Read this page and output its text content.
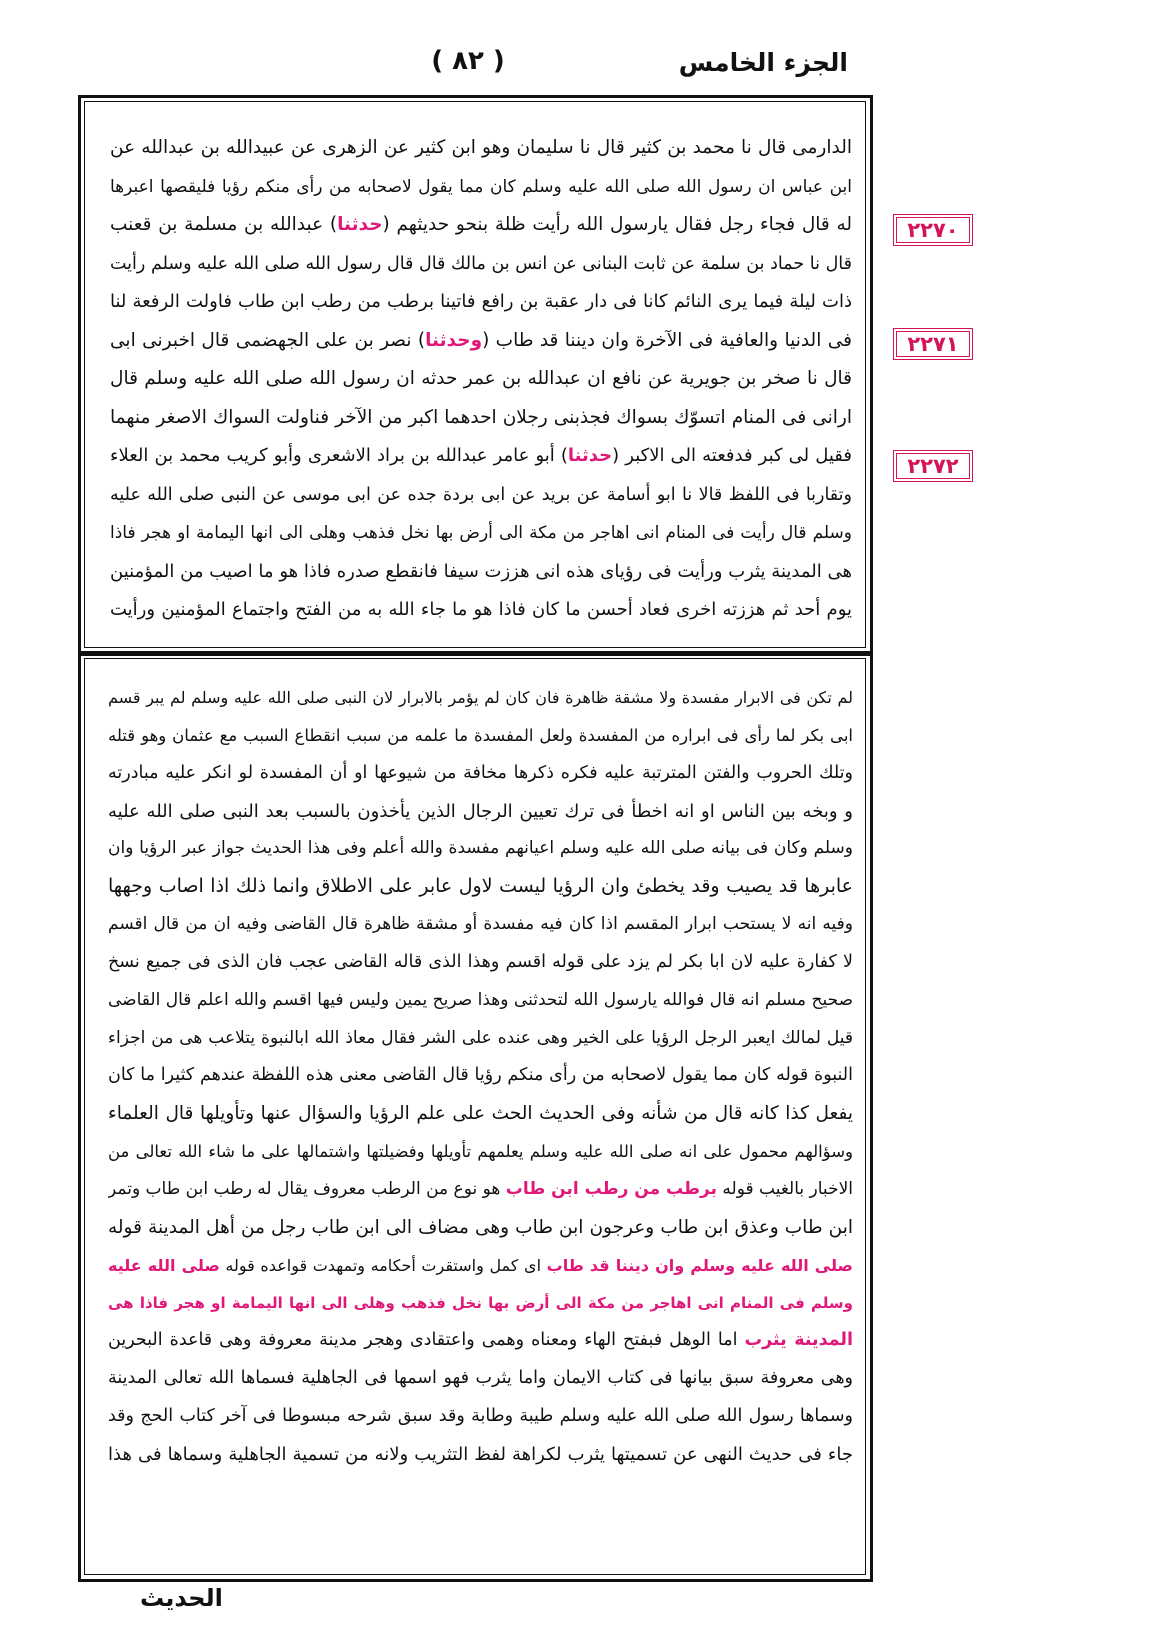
الجزء الخامس
( ٨٢ )
الدارمى قال نا محمد بن كثير قال نا سليمان وهو ابن كثير عن الزهرى عن عبيدالله بن عبدالله عن
ابن عباس ان رسول الله صلى الله عليه وسلم كان مما يقول لاصحابه من رأى منكم رؤيا فليقصها اعبرها
له قال فجاء رجل فقال يارسول الله رأيت ظلة بنحو حديثهم (حدثنا) عبدالله بن مسلمة بن قعنب
قال نا حماد بن سلمة عن ثابت البنانى عن انس بن مالك قال قال رسول الله صلى الله عليه وسلم رأيت
ذات ليلة فيما يرى النائم كانا فى دار عقبة بن رافع فاتينا برطب من رطب ابن طاب فاولت الرفعة لنا
فى الدنيا والعافية فى الآخرة وان ديننا قد طاب (وحدثنا) نصر بن على الجهضمى قال اخبرنى ابى
قال نا صخر بن جويرية عن نافع ان عبدالله بن عمر حدثه ان رسول الله صلى الله عليه وسلم قال
ارانى فى المنام اتسوّك بسواك فجذبنى رجلان احدهما اكبر من الآخر فناولت السواك الاصغر منهما
فقيل لى كبر فدفعته الى الاكبر (حدثنا) أبو عامر عبدالله بن براد الاشعرى وأبو كريب محمد بن العلاء
وتقاربا فى اللفظ قالا نا ابو أسامة عن بريد عن ابى بردة جده عن ابى موسى عن النبى صلى الله عليه
وسلم قال رأيت فى المنام انى اهاجر من مكة الى أرض بها نخل فذهب وهلى الى انها اليمامة او هجر فاذا
هى المدينة يثرب ورأيت فى رؤياى هذه انى هززت سيفا فانقطع صدره فاذا هو ما اصيب من المؤمنين
يوم أحد ثم هززته اخرى فعاد أحسن ما كان فاذا هو ما جاء الله به من الفتح واجتماع المؤمنين ورأيت
لم تكن فى الابرار مفسدة ولا مشقة ظاهرة فان كان لم يؤمر بالابرار لان النبى صلى الله عليه وسلم لم يبر قسم
ابى بكر لما رأى فى ابراره من المفسدة ولعل المفسدة ما علمه من سبب انقطاع السبب مع عثمان وهو قتله
وتلك الحروب والفتن المترتبة عليه فكره ذكرها مخافة من شيوعها او أن المفسدة لو انكر عليه مبادرته
و وبخه بين الناس او انه اخطأ فى ترك تعيين الرجال الذين يأخذون بالسبب بعد النبى صلى الله عليه
وسلم وكان فى بيانه صلى الله عليه وسلم اعيانهم مفسدة والله أعلم وفى هذا الحديث جواز عبر الرؤيا وان
عابرها قد يصيب وقد يخطئ وان الرؤيا ليست لاول عابر على الاطلاق وانما ذلك اذا اصاب وجهها
وفيه انه لا يستحب ابرار المقسم اذا كان فيه مفسدة أو مشقة ظاهرة قال القاضى وفيه ان من قال اقسم
لا كفارة عليه لان ابا بكر لم يزد على قوله اقسم وهذا الذى قاله القاضى عجب فان الذى فى جميع نسخ
صحيح مسلم انه قال فوالله يارسول الله لتحدثنى وهذا صريح يمين وليس فيها اقسم والله اعلم قال القاضى
قيل لمالك ايعبر الرجل الرؤيا على الخير وهى عنده على الشر فقال معاذ الله ابالنبوة يتلاعب هى من اجزاء
النبوة قوله كان مما يقول لاصحابه من رأى منكم رؤيا قال القاضى معنى هذه اللفظة عندهم كثيرا ما كان
يفعل كذا كانه قال من شأنه وفى الحديث الحث على علم الرؤيا والسؤال عنها وتأويلها قال العلماء
وسؤالهم محمول على انه صلى الله عليه وسلم يعلمهم تأويلها وفضيلتها واشتمالها على ما شاء الله تعالى من
الاخبار بالغيب قوله برطب من رطب ابن طاب هو نوع من الرطب معروف يقال له رطب ابن طاب وتمر
ابن طاب وعذق ابن طاب وعرجون ابن طاب وهى مضاف الى ابن طاب رجل من أهل المدينة قوله
صلى الله عليه وسلم وان ديننا قد طاب اى كمل واستقرت أحكامه وتمهدت قواعده قوله صلى الله عليه
وسلم فى المنام انى اهاجر من مكة الى أرض بها نخل فذهب وهلى الى انها اليمامة او هجر فاذا هى
المدينة يثرب اما الوهل فبفتح الهاء ومعناه وهمى واعتقادى وهجر مدينة معروفة وهى قاعدة البحرين
وهى معروفة سبق بيانها فى كتاب الايمان واما يثرب فهو اسمها فى الجاهلية فسماها الله تعالى المدينة
وسماها رسول الله صلى الله عليه وسلم طيبة وطابة وقد سبق شرحه مبسوطا فى آخر كتاب الحج وقد
جاء فى حديث النهى عن تسميتها يثرب لكراهة لفظ التثريب ولانه من تسمية الجاهلية وسماها فى هذا
٢٢٧٠
٢٢٧١
٢٢٧٢
الحديث
